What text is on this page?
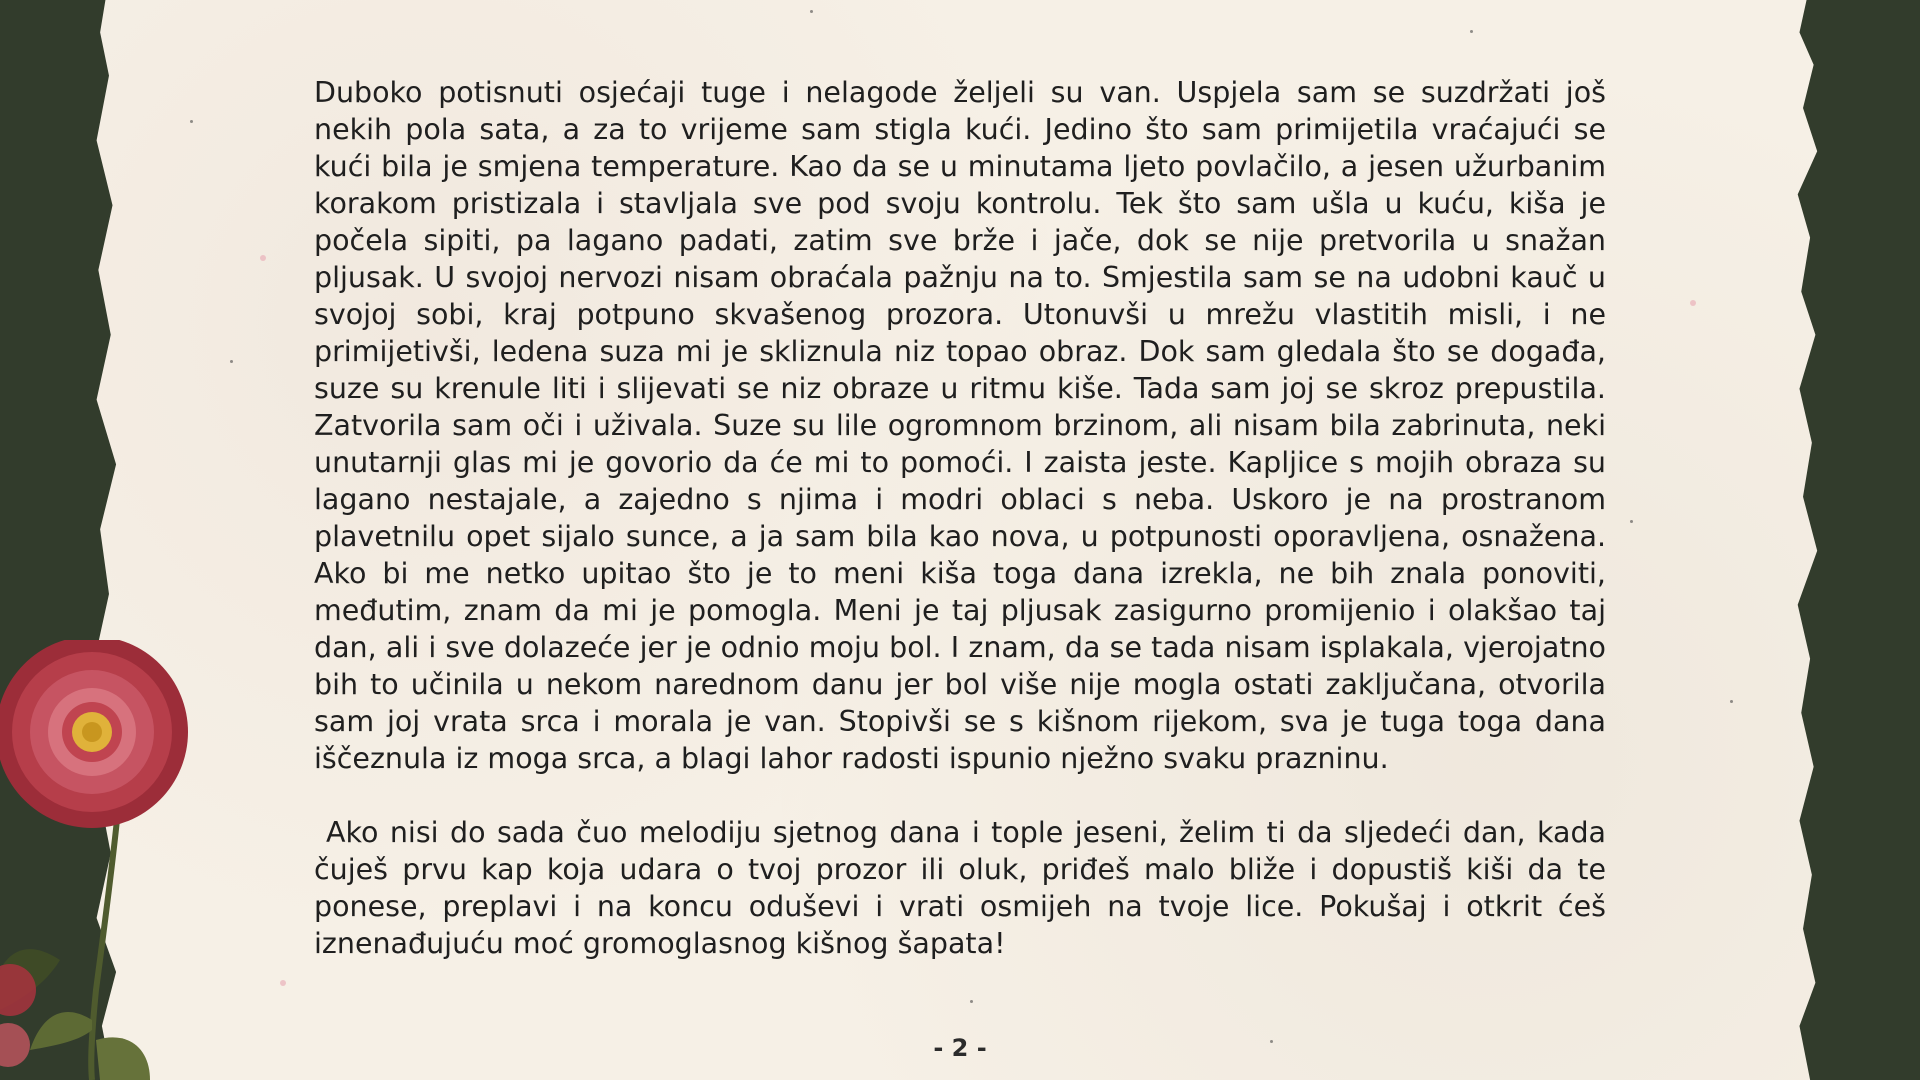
Duboko potisnuti osjećaji tuge i nelagode željeli su van. Uspjela sam se suzdržati još nekih pola sata, a za to vrijeme sam stigla kući. Jedino što sam primijetila vraćajući se kući bila je smjena temperature. Kao da se u minutama ljeto povlačilo, a jesen užurbanim korakom pristizala i stavljala sve pod svoju kontrolu. Tek što sam ušla u kuću, kiša je počela sipiti, pa lagano padati, zatim sve brže i jače, dok se nije pretvorila u snažan pljusak. U svojoj nervozi nisam obraćala pažnju na to. Smjestila sam se na udobni kauč u svojoj sobi, kraj potpuno skvašenog prozora. Utonuvši u mrežu vlastitih misli, i ne primijetivši, ledena suza mi je skliznula niz topao obraz. Dok sam gledala što se događa, suze su krenule liti i slijevati se niz obraze u ritmu kiše. Tada sam joj se skroz prepustila. Zatvorila sam oči i uživala. Suze su lile ogromnom brzinom, ali nisam bila zabrinuta, neki unutarnji glas mi je govorio da će mi to pomoći. I zaista jeste. Kapljice s mojih obraza su lagano nestajale, a zajedno s njima i modri oblaci s neba. Uskoro je na prostranom plavetnilu opet sijalo sunce, a ja sam bila kao nova, u potpunosti oporavljena, osnažena. Ako bi me netko upitao što je to meni kiša toga dana izrekla, ne bih znala ponoviti, međutim, znam da mi je pomogla. Meni je taj pljusak zasigurno promijenio i olakšao taj dan, ali i sve dolazeće jer je odnio moju bol. I znam, da se tada nisam isplakala, vjerojatno bih to učinila u nekom narednom danu jer bol više nije mogla ostati zaključana, otvorila sam joj vrata srca i morala je van. Stopivši se s kišnom rijekom, sva je tuga toga dana iščeznula iz moga srca, a blagi lahor radosti ispunio nježno svaku prazninu.

Ako nisi do sada čuo melodiju sjetnog dana i tople jeseni, želim ti da sljedeći dan, kada čuješ prvu kap koja udara o tvoj prozor ili oluk, priđeš malo bliže i dopustiš kiši da te ponese, preplavi i na koncu oduševi i vrati osmijeh na tvoje lice. Pokušaj i otkrit ćeš iznenađujuću moć gromoglasnog kišnog šapata!

- 2 -
